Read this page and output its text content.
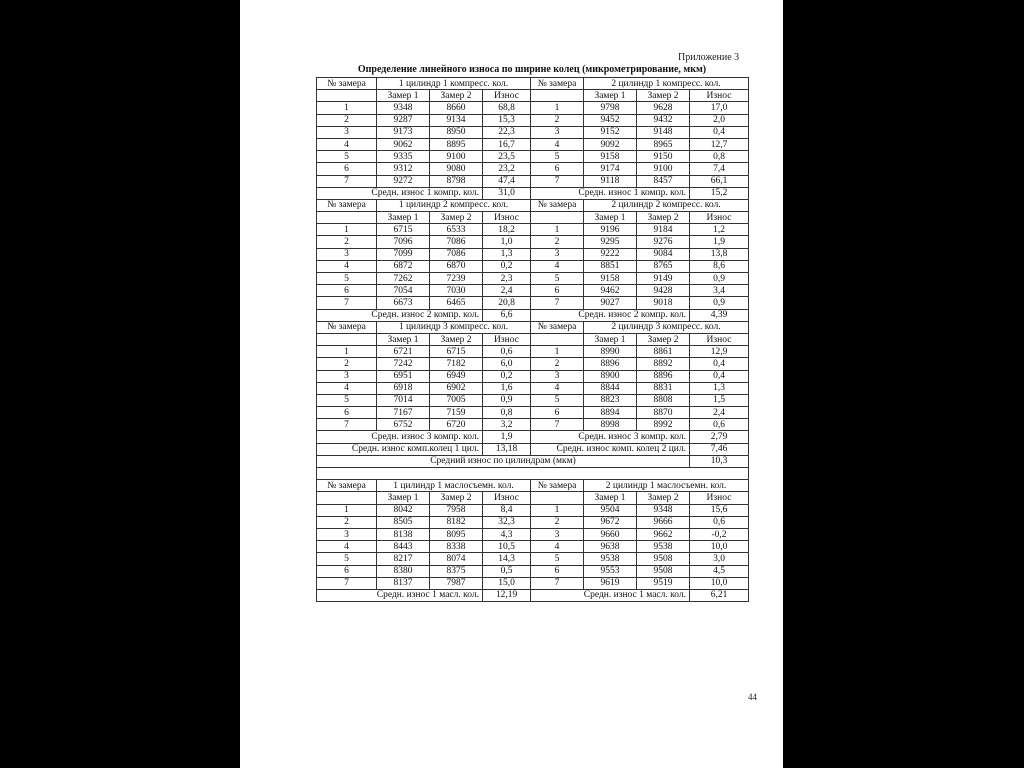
Приложение 3
Определение линейного износа по ширине колец (микрометрирование, мкм)
№ замера	1 цилиндр 1 компресс. кол.			№ замера	2 цилиндр 1 компресс. кол.		
	Замер 1	Замер 2	Износ		Замер 1	Замер 2	Износ
1	9348	8660	68,8	1	9798	9628	17,0
2	9287	9134	15,3	2	9452	9432	2,0
3	9173	8950	22,3	3	9152	9148	0,4
4	9062	8895	16,7	4	9092	8965	12,7
5	9335	9100	23,5	5	9158	9150	0,8
6	9312	9080	23,2	6	9174	9100	7,4
7	9272	8798	47,4	7	9118	8457	66,1
Средн. износ 1 компр. кол.			31,0	Средн. износ 1 компр. кол.			15,2
№ замера	1 цилиндр 2 компресс. кол.			№ замера	2 цилиндр 2 компресс. кол.		
	Замер 1	Замер 2	Износ		Замер 1	Замер 2	Износ
1	6715	6533	18,2	1	9196	9184	1,2
2	7096	7086	1,0	2	9295	9276	1,9
3	7099	7086	1,3	3	9222	9084	13,8
4	6872	6870	0,2	4	8851	8765	8,6
5	7262	7239	2,3	5	9158	9149	0,9
6	7054	7030	2,4	6	9462	9428	3,4
7	6673	6465	20,8	7	9027	9018	0,9
Средн. износ 2 компр. кол.			6,6	Средн. износ 2 компр. кол.			4,39
№ замера	1 цилиндр 3 компресс. кол.			№ замера	2 цилиндр 3 компресс. кол.		
	Замер 1	Замер 2	Износ		Замер 1	Замер 2	Износ
1	6721	6715	0,6	1	8990	8861	12,9
2	7242	7182	6,0	2	8896	8892	0,4
3	6951	6949	0,2	3	8900	8896	0,4
4	6918	6902	1,6	4	8844	8831	1,3
5	7014	7005	0,9	5	8823	8808	1,5
6	7167	7159	0,8	6	8894	8870	2,4
7	6752	6720	3,2	7	8998	8992	0,6
Средн. износ 3 компр. кол.			1,9	Средн. износ 3 компр. кол.			2,79
Средн. износ комп.колец 1 цил.			13,18	Средн. износ комп. колец 2 цил.			7,46
Средний износ по цилиндрам (мкм)							10,3

№ замера	1 цилиндр 1 маслосъемн. кол.			№ замера	2 цилиндр 1 маслосъемн. кол.		
	Замер 1	Замер 2	Износ		Замер 1	Замер 2	Износ
1	8042	7958	8,4	1	9504	9348	15,6
2	8505	8182	32,3	2	9672	9666	0,6
3	8138	8095	4,3	3	9660	9662	-0,2
4	8443	8338	10,5	4	9638	9538	10,0
5	8217	8074	14,3	5	9538	9508	3,0
6	8380	8375	0,5	6	9553	9508	4,5
7	8137	7987	15,0	7	9619	9519	10,0
Средн. износ 1 масл. кол.			12,19	Средн. износ 1 масл. кол.			6,21
44
